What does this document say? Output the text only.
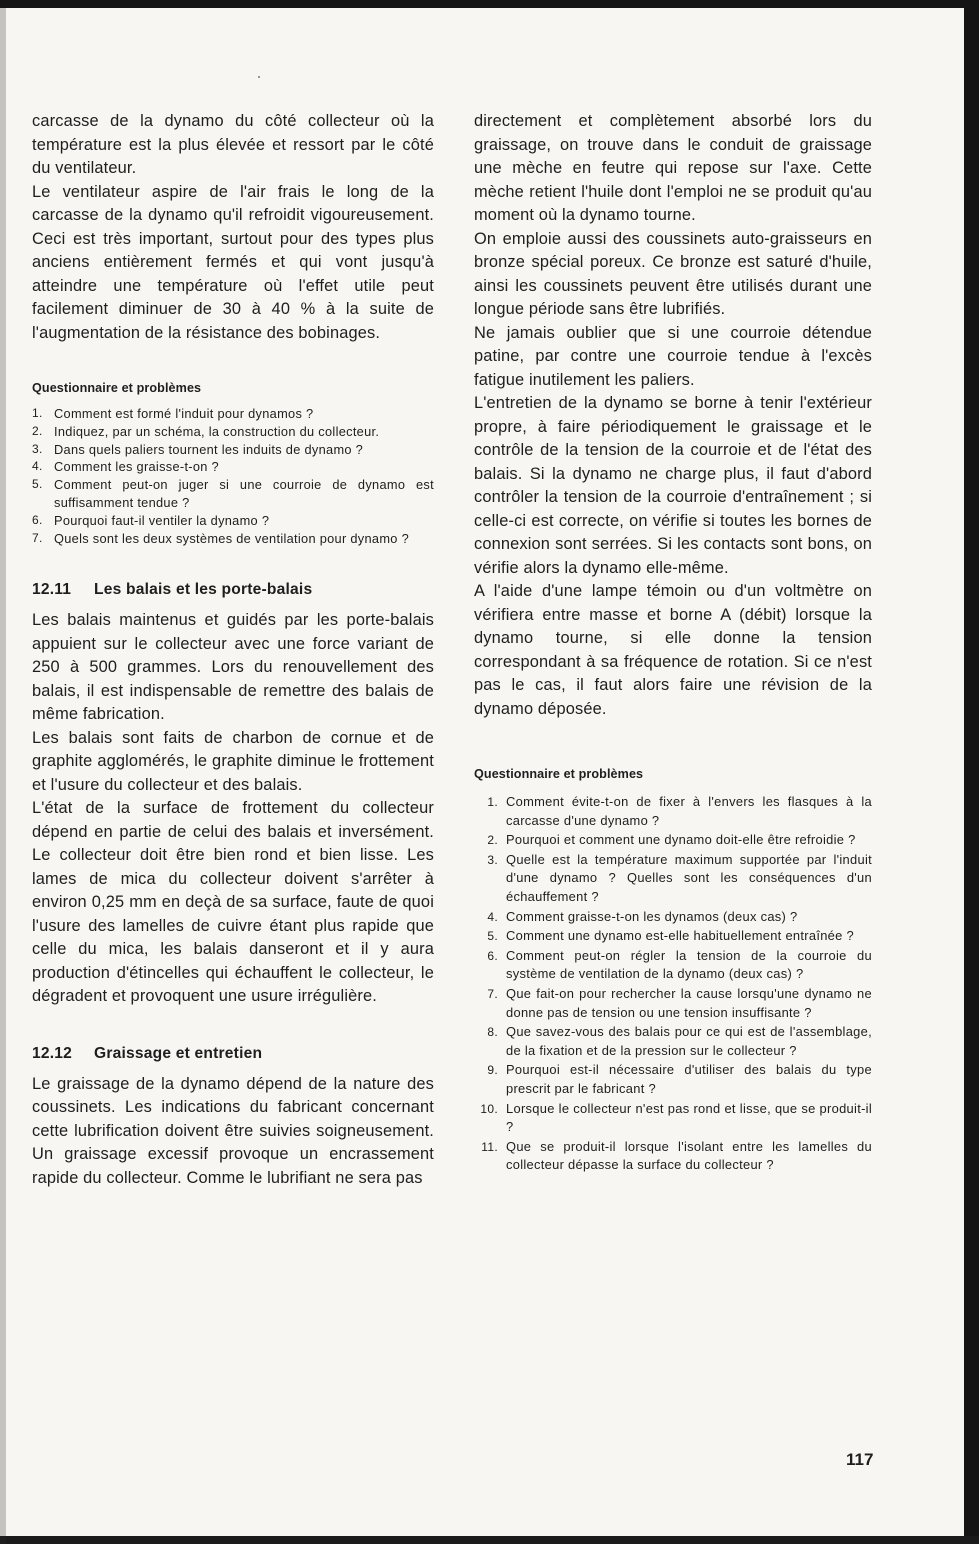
carcasse de la dynamo du côté collecteur où la température est la plus élevée et ressort par le côté du ventilateur.

Le ventilateur aspire de l'air frais le long de la carcasse de la dynamo qu'il refroidit vigoureusement. Ceci est très important, surtout pour des types plus anciens entièrement fermés et qui vont jusqu'à atteindre une température où l'effet utile peut facilement diminuer de 30 à 40 % à la suite de l'augmentation de la résistance des bobinages.

Questionnaire et problèmes

1. Comment est formé l'induit pour dynamos ?
2. Indiquez, par un schéma, la construction du collecteur.
3. Dans quels paliers tournent les induits de dynamo ?
4. Comment les graisse-t-on ?
5. Comment peut-on juger si une courroie de dynamo est suffisamment tendue ?
6. Pourquoi faut-il ventiler la dynamo ?
7. Quels sont les deux systèmes de ventilation pour dynamo ?

12.11 Les balais et les porte-balais

Les balais maintenus et guidés par les porte-balais appuient sur le collecteur avec une force variant de 250 à 500 grammes. Lors du renouvellement des balais, il est indispensable de remettre des balais de même fabrication.

Les balais sont faits de charbon de cornue et de graphite agglomérés, le graphite diminue le frottement et l'usure du collecteur et des balais.

L'état de la surface de frottement du collecteur dépend en partie de celui des balais et inversément. Le collecteur doit être bien rond et bien lisse. Les lames de mica du collecteur doivent s'arrêter à environ 0,25 mm en deçà de sa surface, faute de quoi l'usure des lamelles de cuivre étant plus rapide que celle du mica, les balais danseront et il y aura production d'étincelles qui échauffent le collecteur, le dégradent et provoquent une usure irrégulière.

12.12 Graissage et entretien

Le graissage de la dynamo dépend de la nature des coussinets. Les indications du fabricant concernant cette lubrification doivent être suivies soigneusement. Un graissage excessif provoque un encrassement rapide du collecteur. Comme le lubrifiant ne sera pas

directement et complètement absorbé lors du graissage, on trouve dans le conduit de graissage une mèche en feutre qui repose sur l'axe. Cette mèche retient l'huile dont l'emploi ne se produit qu'au moment où la dynamo tourne.

On emploie aussi des coussinets auto-graisseurs en bronze spécial poreux. Ce bronze est saturé d'huile, ainsi les coussinets peuvent être utilisés durant une longue période sans être lubrifiés.

Ne jamais oublier que si une courroie détendue patine, par contre une courroie tendue à l'excès fatigue inutilement les paliers.

L'entretien de la dynamo se borne à tenir l'extérieur propre, à faire périodiquement le graissage et le contrôle de la tension de la courroie et de l'état des balais. Si la dynamo ne charge plus, il faut d'abord contrôler la tension de la courroie d'entraînement ; si celle-ci est correcte, on vérifie si toutes les bornes de connexion sont serrées. Si les contacts sont bons, on vérifie alors la dynamo elle-même.

A l'aide d'une lampe témoin ou d'un voltmètre on vérifiera entre masse et borne A (débit) lorsque la dynamo tourne, si elle donne la tension correspondant à sa fréquence de rotation. Si ce n'est pas le cas, il faut alors faire une révision de la dynamo déposée.

Questionnaire et problèmes

1. Comment évite-t-on de fixer à l'envers les flasques à la carcasse d'une dynamo ?
2. Pourquoi et comment une dynamo doit-elle être refroidie ?
3. Quelle est la température maximum supportée par l'induit d'une dynamo ? Quelles sont les conséquences d'un échauffement ?
4. Comment graisse-t-on les dynamos (deux cas) ?
5. Comment une dynamo est-elle habituellement entraînée ?
6. Comment peut-on régler la tension de la courroie du système de ventilation de la dynamo (deux cas) ?
7. Que fait-on pour rechercher la cause lorsqu'une dynamo ne donne pas de tension ou une tension insuffisante ?
8. Que savez-vous des balais pour ce qui est de l'assemblage, de la fixation et de la pression sur le collecteur ?
9. Pourquoi est-il nécessaire d'utiliser des balais du type prescrit par le fabricant ?
10. Lorsque le collecteur n'est pas rond et lisse, que se produit-il ?
11. Que se produit-il lorsque l'isolant entre les lamelles du collecteur dépasse la surface du collecteur ?
117
